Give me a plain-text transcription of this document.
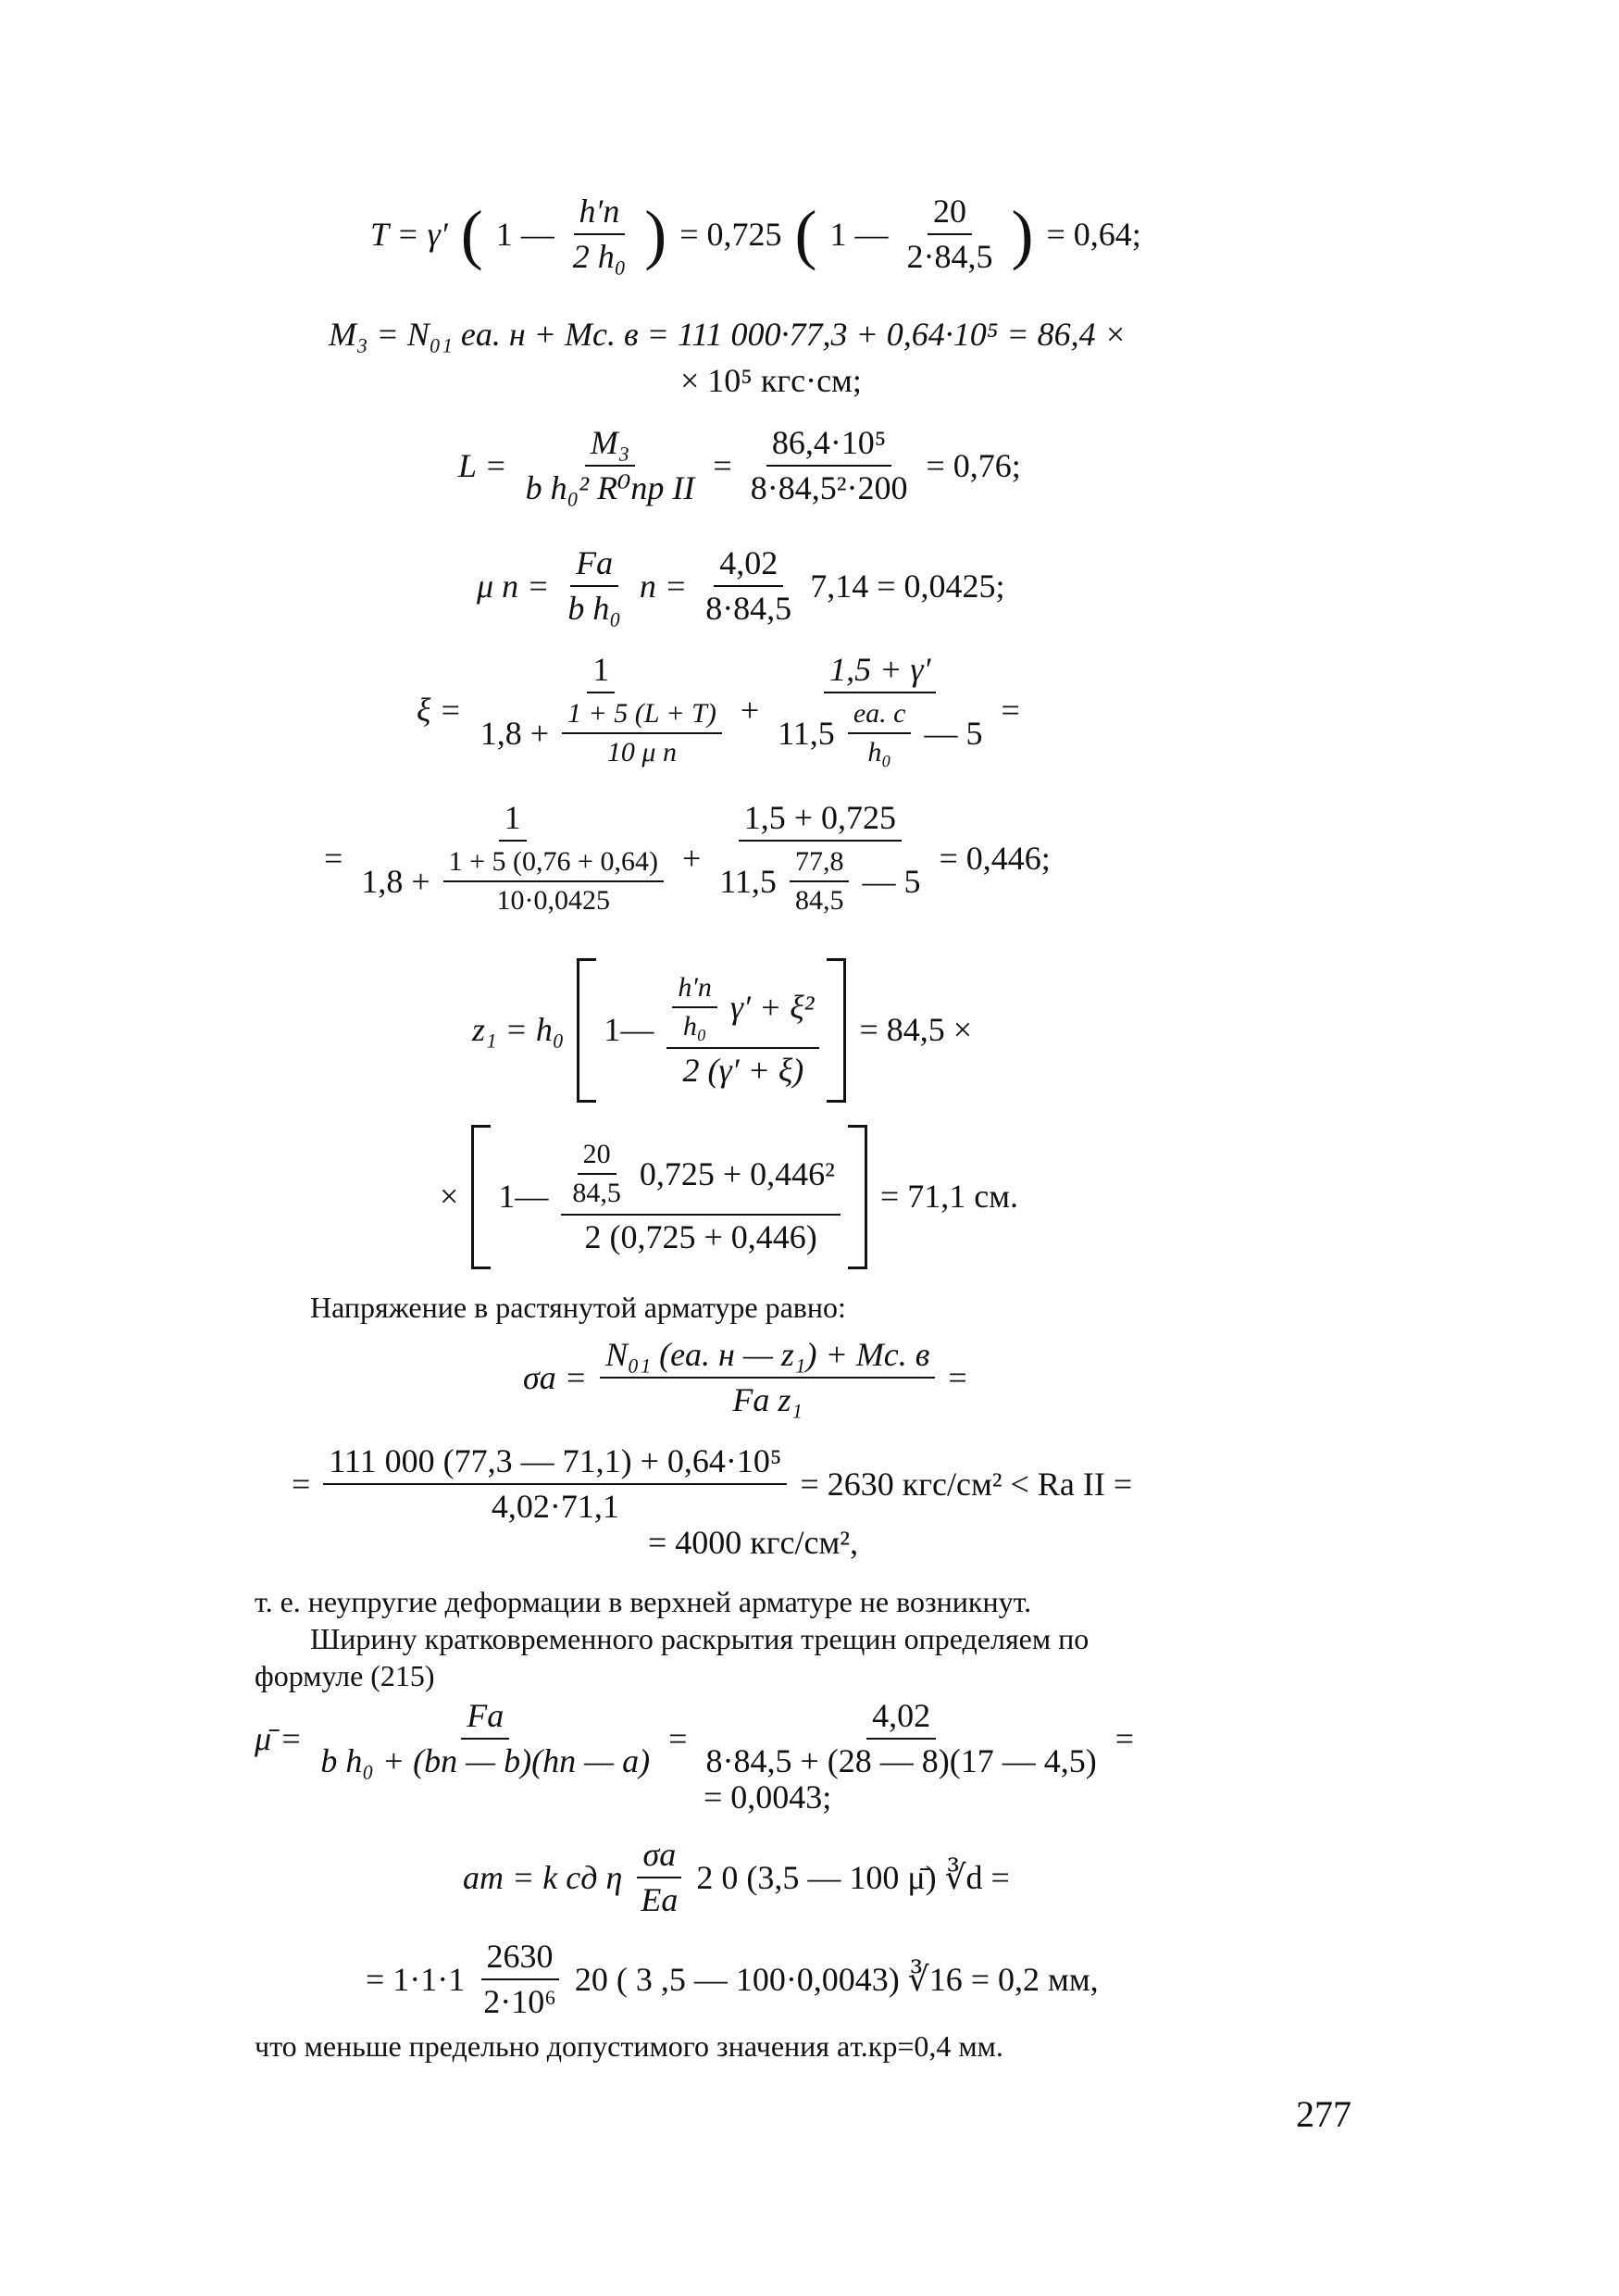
T = γ′ ( 1 — $\frac{h'п}{\text{2 h₀}}$ ) = 0,725 ( 1 — $\frac{20}{2\cdot 84,5}$ ) = 0,64;
M₃ = N₀₁ eа. н + Mс. в = 111 000·77,3 + 0,64·10⁵ = 86,4 ×
× 10⁵ кгс·см;
$L = \frac{\text{M₃}}{\text{b h₀² R⁰пр II}} = \frac{\text{86,4·10⁵}}{\text{8·84,5²·200}} = 0,76$;
μ $n = \frac{Fа}{\text{b h₀}}$ $n = \frac{4,02}{8\cdot 84,5} 7,14 = 0,0425$;
$\xi = \frac{1}{1,8 + \frac{1 + 5 (L + T)}{\text{10 μ n}}}$ +
1,5 + γ′
$11,5 \frac{eа. с}{\text{h₀}}$ — 5
=
=
1
$1,8 + \frac{1 + 5 (0,76 + 0,64)}{10\cdot 0,0425}$ +
1,5 + 0,725
$11,5 \frac{77,8}{84,5}$ — 5
= 0,446;
z₁ = h₀ 1— $\frac{\frac{h'п}{\text{h₀}} \gamma' + \xi^2}{2 (\gamma' + \xi)} = 84,5$ ×
× 1— $\frac{20}{84,5} 0,725 + 0,446^2$
2 (0,725 + 0,446)
= 71,1 см.
Напряжение в растянутой арматуре равно:
$\sigma а = \frac{\text{N₀₁ (eа. н — z₁) + Mс. в}}{\text{Fа z₁}}$ =
= $\frac{\text{111 000 (77,3 — 71,1) + 0,64·10⁵}}{4,02\cdot 71,1} = 2630$ кгс/см² < Rа II =
= 4000 кгс/см²,
т. е. неупругие деформации в верхней арматуре не возникнут.
Ширину кратковременного раскрытия трещин определяем по
формуле (215)
μ̄ = $\frac{Fа}{\text{b h₀ + (bп — b)(hп — a)}} = \frac{4,02}{8\cdot 84,5 + (28 — 8)(17 — 4,5)}$ =
= 0,0043;
aт = k cд η $\frac{\sigma а}{Eа} 2$ 0 (3,5 — 100 μ̄) ∛d =
= $1\cdot 1\cdot 1 \frac{2630}{\text{2·10⁶}} 20$ ( 3 ,5 — 100·0,0043) ∛16 = 0,2 мм,
что меньше предельно допустимого значения aт.кр=0,4 мм.
277
